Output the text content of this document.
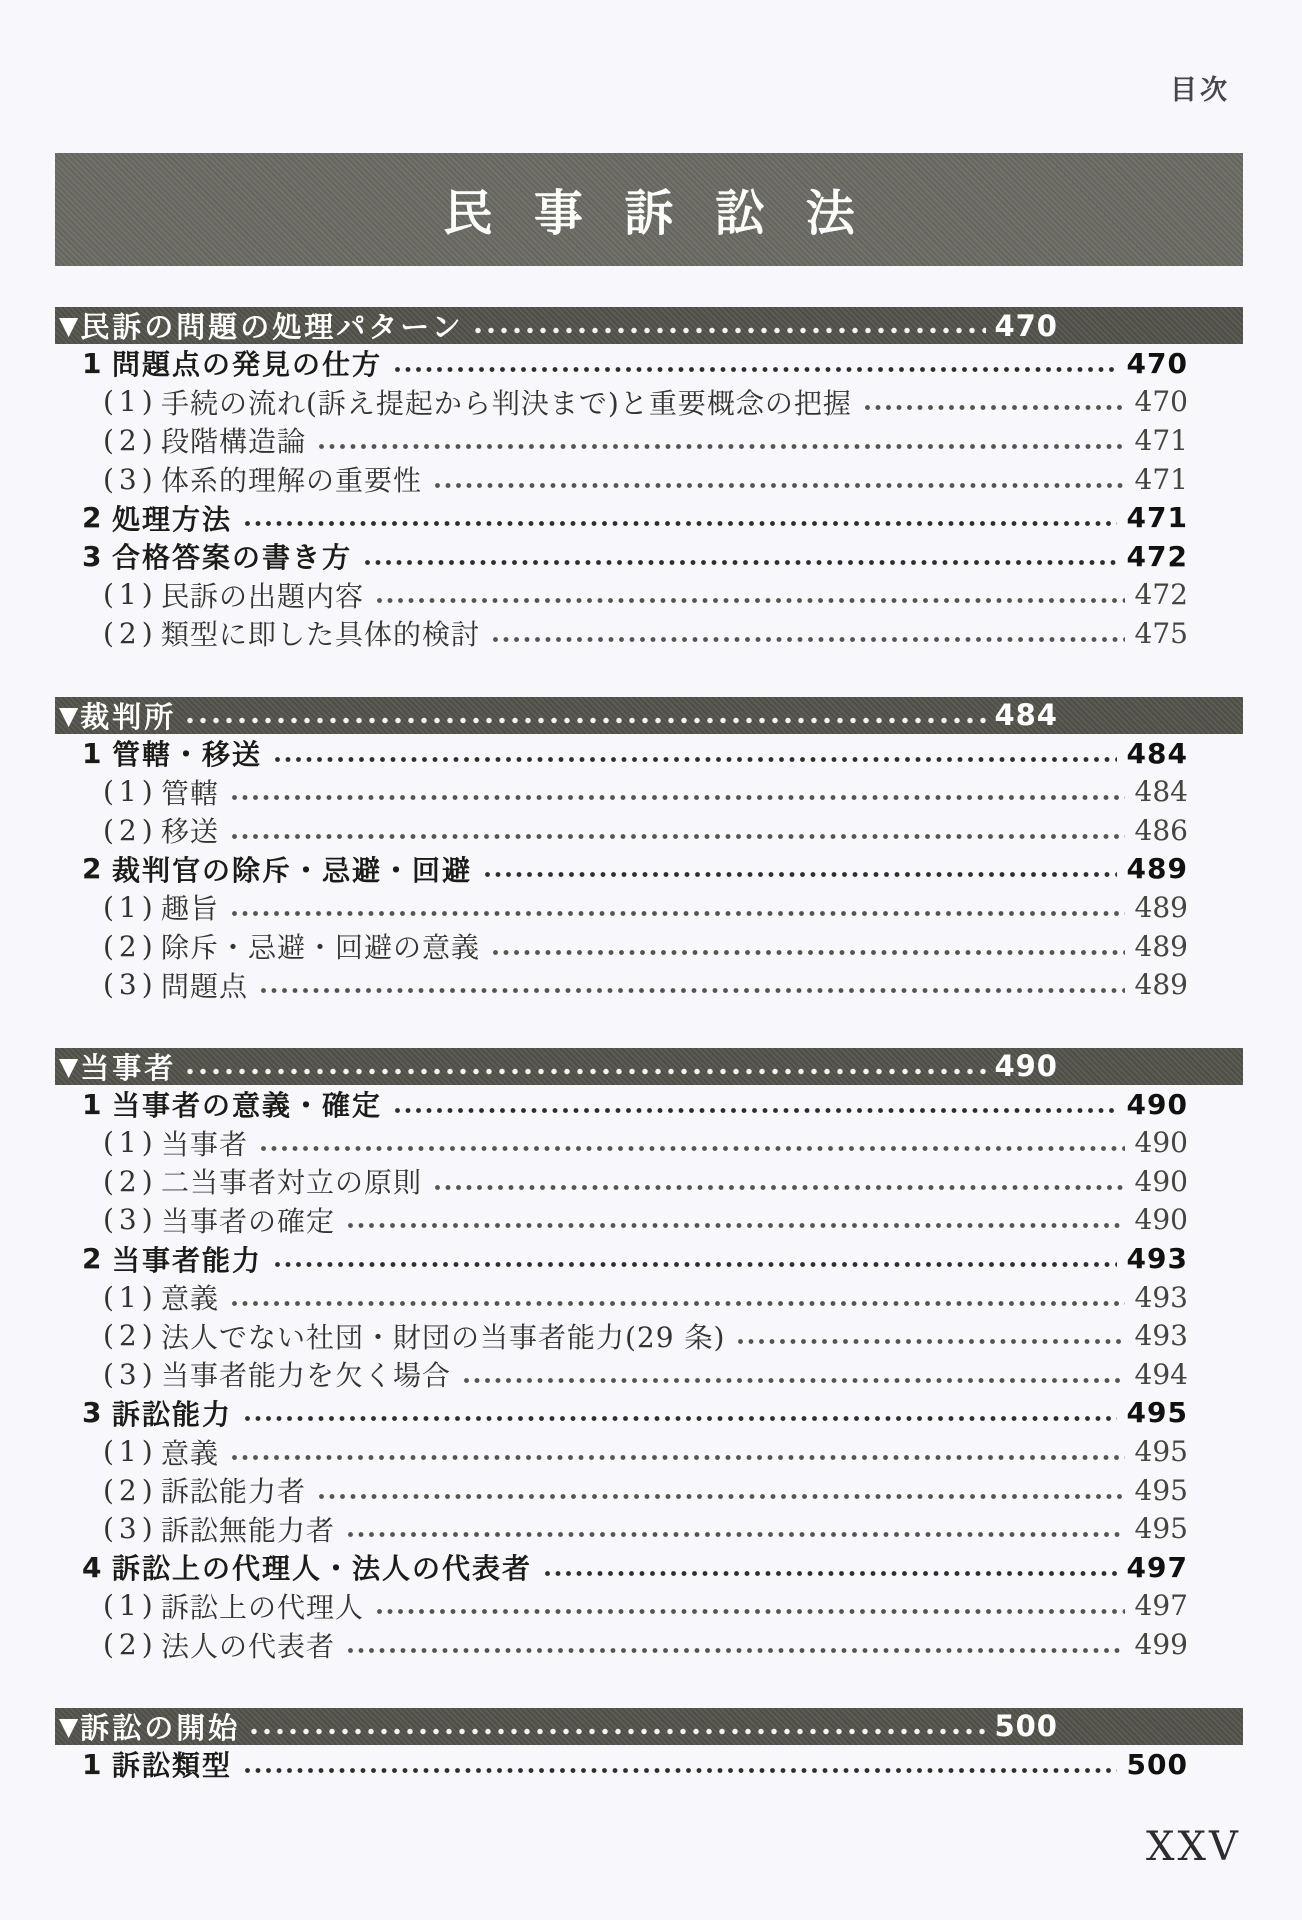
目次
民事訴訟法
▼ 民訴の問題の処理パターン	470
1 問題点の発見の仕方	470
(1) 手続の流れ(訴え提起から判決まで)と重要概念の把握	470
(2) 段階構造論	471
(3) 体系的理解の重要性	471
2 処理方法	471
3 合格答案の書き方	472
(1) 民訴の出題内容	472
(2) 類型に即した具体的検討	475
▼ 裁判所	484
1 管轄・移送	484
(1) 管轄	484
(2) 移送	486
2 裁判官の除斥・忌避・回避	489
(1) 趣旨	489
(2) 除斥・忌避・回避の意義	489
(3) 問題点	489
▼ 当事者	490
1 当事者の意義・確定	490
(1) 当事者	490
(2) 二当事者対立の原則	490
(3) 当事者の確定	490
2 当事者能力	493
(1) 意義	493
(2) 法人でない社団・財団の当事者能力(29 条)	493
(3) 当事者能力を欠く場合	494
3 訴訟能力	495
(1) 意義	495
(2) 訴訟能力者	495
(3) 訴訟無能力者	495
4 訴訟上の代理人・法人の代表者	497
(1) 訴訟上の代理人	497
(2) 法人の代表者	499
▼ 訴訟の開始	500
1 訴訟類型	500
XXV
